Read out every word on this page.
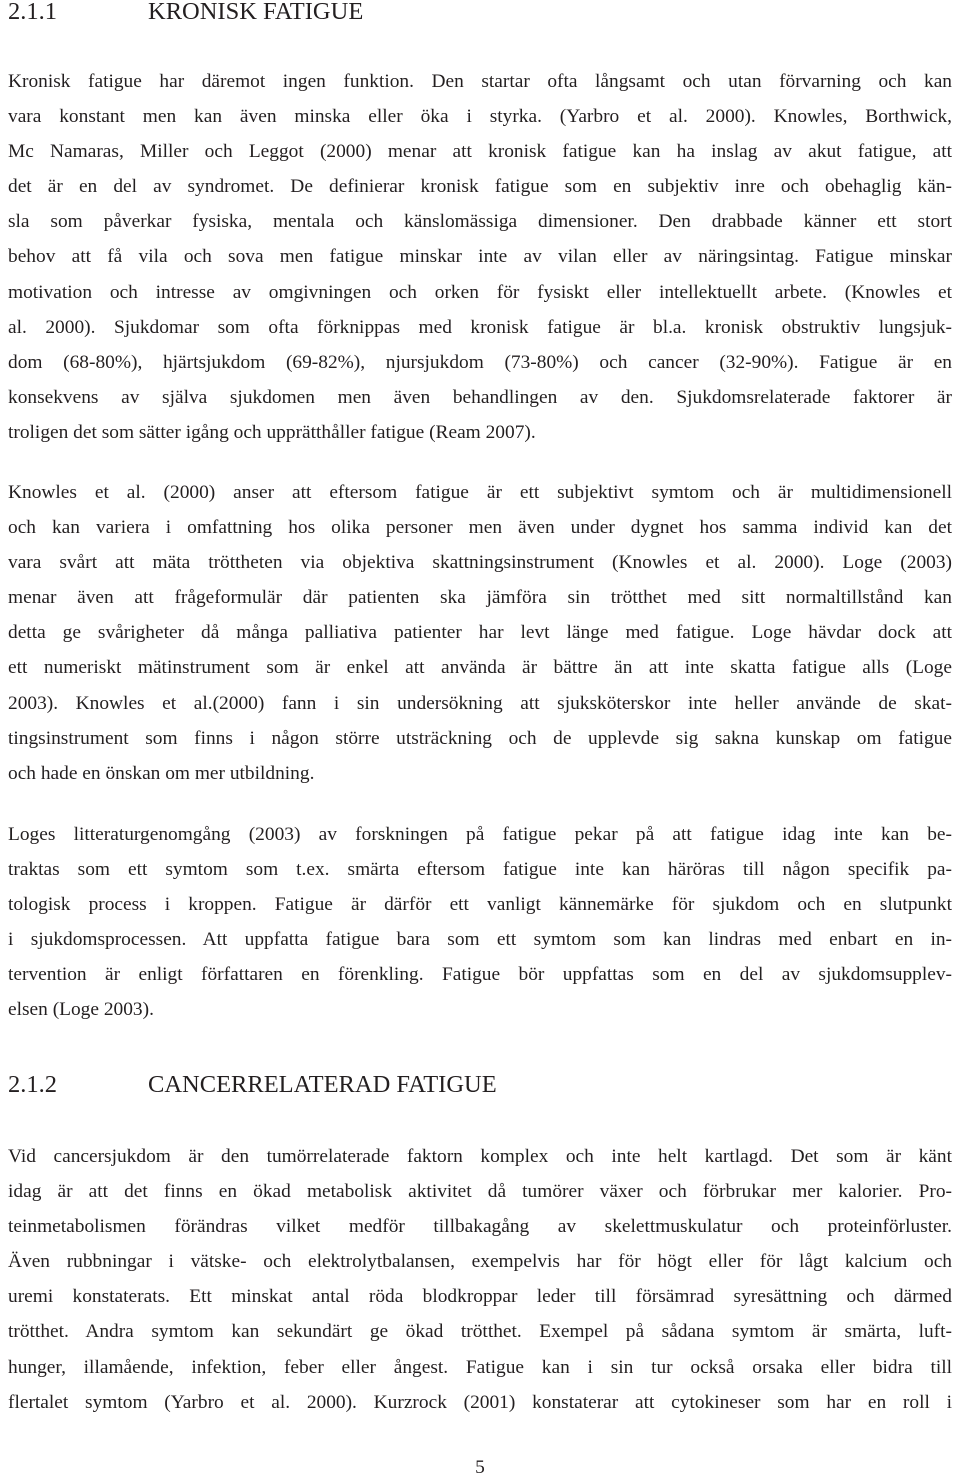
2.1.1	KRONISK FATIGUE
Kronisk fatigue har däremot ingen funktion. Den startar ofta långsamt och utan förvarning och kan
vara konstant men kan även minska eller öka i styrka. (Yarbro et al. 2000). Knowles, Borthwick,
Mc Namaras, Miller och Leggot (2000) menar att kronisk fatigue kan ha inslag av akut fatigue, att
det är en del av syndromet. De definierar kronisk fatigue som en subjektiv inre och obehaglig kän-
sla som påverkar fysiska, mentala och känslomässiga dimensioner. Den drabbade känner ett stort
behov att få vila och sova men fatigue minskar inte av vilan eller av näringsintag. Fatigue minskar
motivation och intresse av omgivningen och orken för fysiskt eller intellektuellt arbete. (Knowles et
al. 2000). Sjukdomar som ofta förknippas med kronisk fatigue är bl.a. kronisk obstruktiv lungsjuk-
dom (68-80%), hjärtsjukdom (69-82%), njursjukdom (73-80%) och cancer (32-90%). Fatigue är en
konsekvens av själva sjukdomen men även behandlingen av den. Sjukdomsrelaterade faktorer är
troligen det som sätter igång och upprätthåller fatigue (Ream 2007).
Knowles et al. (2000) anser att eftersom fatigue är ett subjektivt symtom och är multidimensionell
och kan variera i omfattning hos olika personer men även under dygnet hos samma individ kan det
vara svårt att mäta tröttheten via objektiva skattningsinstrument (Knowles et al. 2000). Loge (2003)
menar även att frågeformulär där patienten ska jämföra sin trötthet med sitt normaltillstånd kan
detta ge svårigheter då många palliativa patienter har levt länge med fatigue. Loge hävdar dock att
ett numeriskt mätinstrument som är enkel att använda är bättre än att inte skatta fatigue alls (Loge
2003). Knowles et al.(2000) fann i sin undersökning att sjuksköterskor inte heller använde de skat-
tingsinstrument som finns i någon större utsträckning och de upplevde sig sakna kunskap om fatigue
och hade en önskan om mer utbildning.
Loges litteraturgenomgång (2003) av forskningen på fatigue pekar på att fatigue idag inte kan be-
traktas som ett symtom som t.ex. smärta eftersom fatigue inte kan häröras till någon specifik pa-
tologisk process i kroppen. Fatigue är därför ett vanligt kännemärke för sjukdom och en slutpunkt
i sjukdomsprocessen. Att uppfatta fatigue bara som ett symtom som kan lindras med enbart en in-
tervention är enligt författaren en förenkling. Fatigue bör uppfattas som en del av sjukdomsupplev-
elsen (Loge 2003).
2.1.2	CANCERRELATERAD FATIGUE
Vid cancersjukdom är den tumörrelaterade faktorn komplex och inte helt kartlagd. Det som är känt
idag är att det finns en ökad metabolisk aktivitet då tumörer växer och förbrukar mer kalorier. Pro-
teinmetabolismen förändras vilket medför tillbakagång av skelettmuskulatur och proteinförluster.
Även rubbningar i vätske- och elektrolytbalansen, exempelvis har för högt eller för lågt kalcium och
uremi konstaterats. Ett minskat antal röda blodkroppar leder till försämrad syresättning och därmed
trötthet. Andra symtom kan sekundärt ge ökad trötthet. Exempel på sådana symtom är smärta, luft-
hunger, illamående, infektion, feber eller ångest. Fatigue kan i sin tur också orsaka eller bidra till
flertalet symtom (Yarbro et al. 2000). Kurzrock (2001) konstaterar att cytokineser som har en roll i
5
